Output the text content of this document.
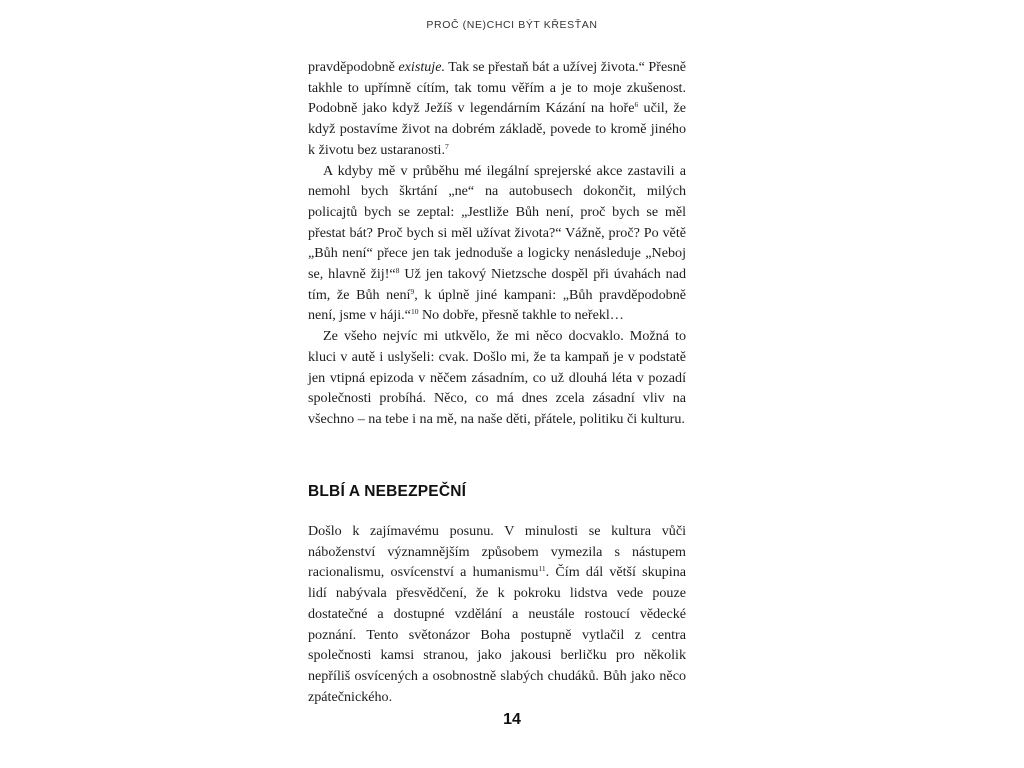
PROČ (NE)CHCI BÝT KŘESŤAN

pravděpodobně existuje. Tak se přestaň bát a užívej života.“ Přesně takhle to upřímně cítím, tak tomu věřím a je to moje zkušenost. Podobně jako když Ježíš v legendárním Kázání na hoře$^6$ učil, že když postavíme život na dobrém základě, povede to kromě jiného k životu bez ustaranosti.$^7$

A kdyby mě v průběhu mé ilegální sprejerské akce zastavili a nemohl bych škrtání „ne“ na autobusech dokončit, milých policajtů bych se zeptal: „Jestliže Bůh není, proč bych se měl přestat bát? Proč bych si měl užívat života?“ Vážně, proč? Po větě „Bůh není“ přece jen tak jednoduše a logicky nenásleduje „Neboj se, hlavně žij!“$^8$ Už jen takový Nietzsche dospěl při úvahách nad tím, že Bůh není$^9$, k úplně jiné kampani: „Bůh pravděpodobně není, jsme v háji.“$^{10}$ No dobře, přesně takhle to neřekl…

Ze všeho nejvíc mi utkvělo, že mi něco docvaklo. Možná to kluci v autě i uslyšeli: cvak. Došlo mi, že ta kampaň je v podstatě jen vtipná epizoda v něčem zásadním, co už dlouhá léta v pozadí společnosti probíhá. Něco, co má dnes zcela zásadní vliv na všechno – na tebe i na mě, na naše děti, přátele, politiku či kulturu.

BLBÍ A NEBEZPEČNÍ

Došlo k zajímavému posunu. V minulosti se kultura vůči náboženství významnějším způsobem vymezila s nástupem racionalismu, osvícenství a humanismu$^{11}$. Čím dál větší skupina lidí nabývala přesvědčení, že k pokroku lidstva vede pouze dostatečné a dostupné vzdělání a neustále rostoucí vědecké poznání. Tento světonázor Boha postupně vytlačil z centra společnosti kamsi stranou, jako jakousi berličku pro několik nepříliš osvícených a osobnostně slabých chudáků. Bůh jako něco zpátečnického.

14
